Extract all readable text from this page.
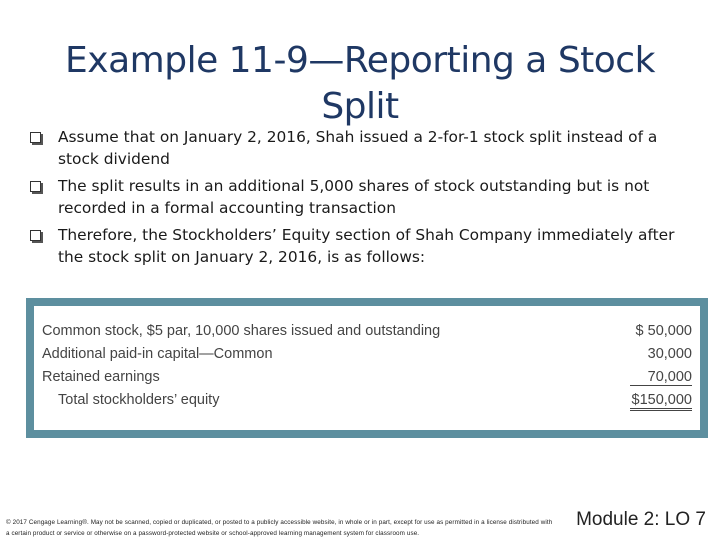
Example 11-9—Reporting a Stock Split
Assume that on January 2, 2016, Shah issued a 2-for-1 stock split instead of a stock dividend
The split results in an additional 5,000 shares of stock outstanding but is not recorded in a formal accounting transaction
Therefore, the Stockholders’ Equity section of Shah Company immediately after the stock split on January 2, 2016, is as follows:
Common stock, $5 par, 10,000 shares issued and outstanding	$ 50,000
Additional paid-in capital—Common	30,000
Retained earnings	70,000
Total stockholders’ equity	$150,000
© 2017 Cengage Learning®. May not be scanned, copied or duplicated, or posted to a publicly accessible website, in whole or in part, except for use as permitted in a license distributed with a certain product or service or otherwise on a password-protected website or school-approved learning management system for classroom use.
Module 2: LO 7
